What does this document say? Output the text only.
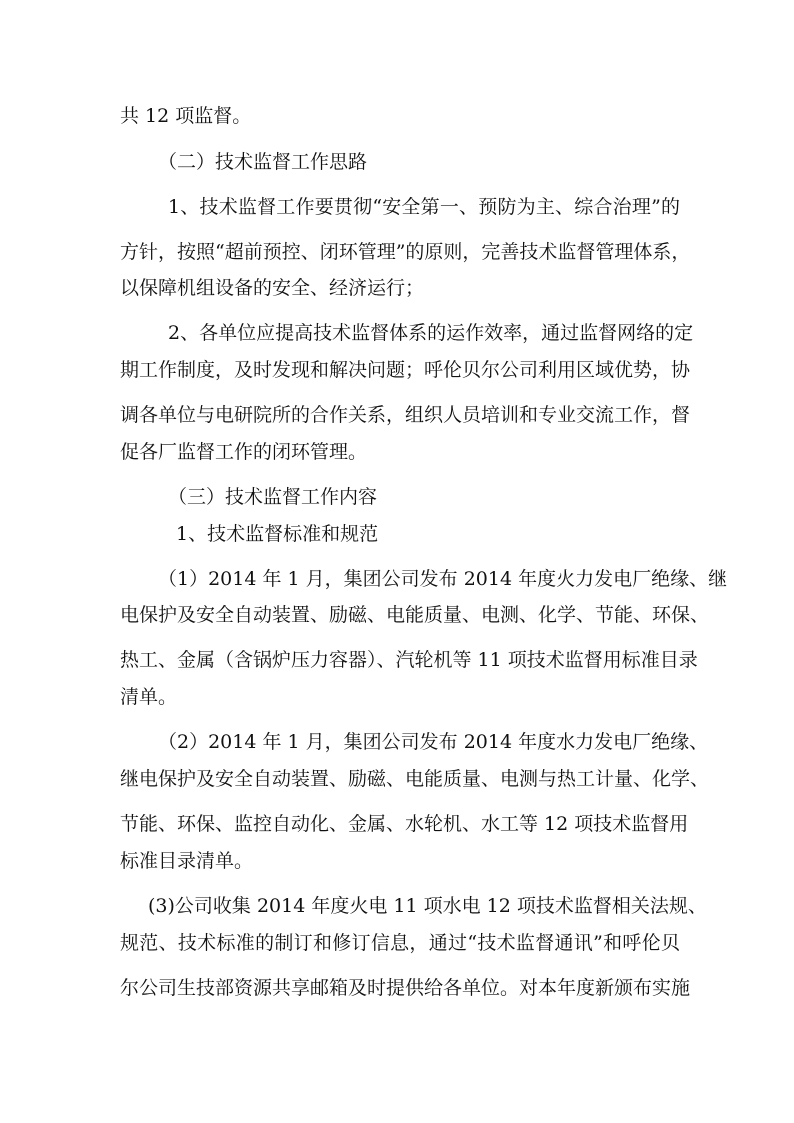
共 12 项监督。
（二）技术监督工作思路
1、技术监督工作要贯彻“安全第一、预防为主、综合治理”的
方针，按照“超前预控、闭环管理”的原则，完善技术监督管理体系，
以保障机组设备的安全、经济运行；
2、各单位应提高技术监督体系的运作效率，通过监督网络的定
期工作制度，及时发现和解决问题；呼伦贝尔公司利用区域优势，协
调各单位与电研院所的合作关系，组织人员培训和专业交流工作，督
促各厂监督工作的闭环管理。
（三）技术监督工作内容
1、技术监督标准和规范
（1）2014 年 1 月，集团公司发布 2014 年度火力发电厂绝缘、继
电保护及安全自动装置、励磁、电能质量、电测、化学、节能、环保、
热工、金属（含锅炉压力容器）、汽轮机等 11 项技术监督用标准目录
清单。
（2）2014 年 1 月，集团公司发布 2014 年度水力发电厂绝缘、
继电保护及安全自动装置、励磁、电能质量、电测与热工计量、化学、
节能、环保、监控自动化、金属、水轮机、水工等 12 项技术监督用
标准目录清单。
(3)公司收集 2014 年度火电 11 项水电 12 项技术监督相关法规、
规范、技术标准的制订和修订信息，通过“技术监督通讯”和呼伦贝
尔公司生技部资源共享邮箱及时提供给各单位。对本年度新颁布实施
